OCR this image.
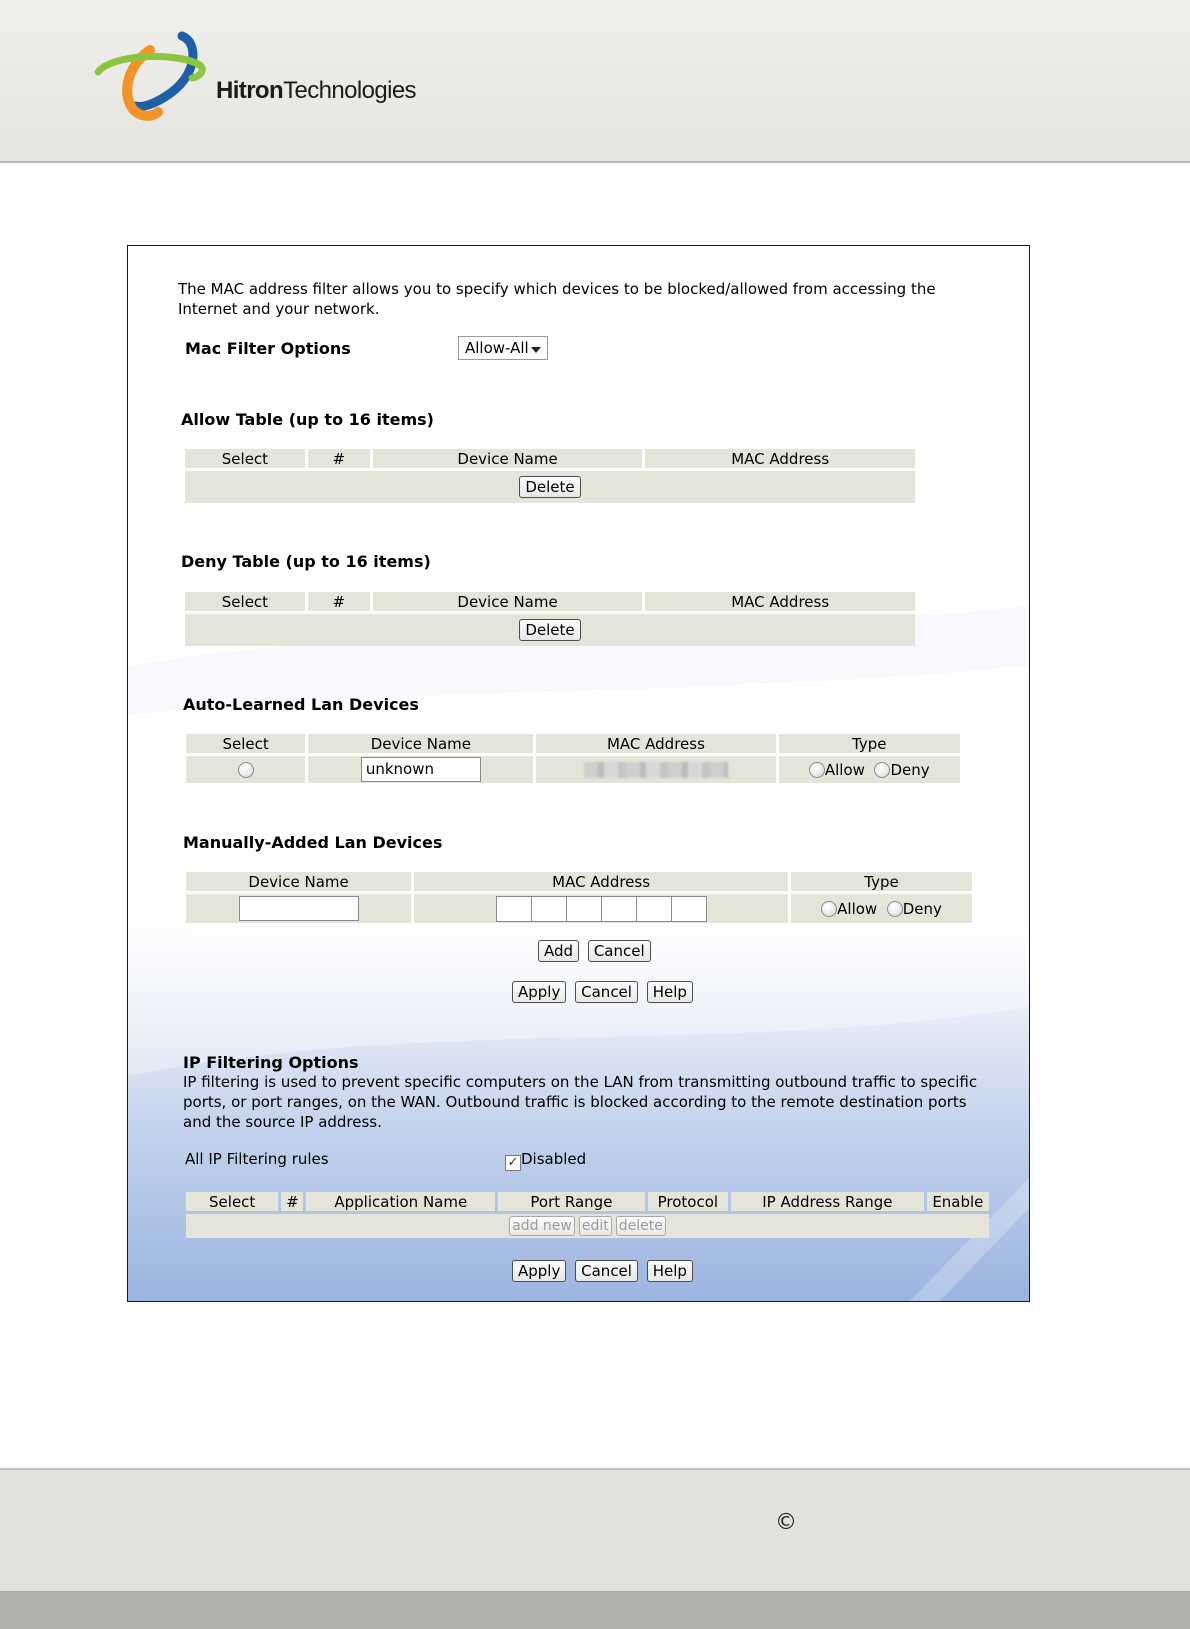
HitronTechnologies
The MAC address filter allows you to specify which devices to be blocked/allowed from accessing the Internet and your network.
Mac Filter Options	Allow-All
Allow Table (up to 16 items)
Select	#	Device Name	MAC Address
Delete
Deny Table (up to 16 items)
Select	#	Device Name	MAC Address
Delete
Auto-Learned Lan Devices
Select	Device Name	MAC Address	Type
	unknown		Allow Deny
Manually-Added Lan Devices
Device Name	MAC Address	Type
		Allow Deny
Add Cancel
Apply Cancel Help
IP Filtering Options
IP filtering is used to prevent specific computers on the LAN from transmitting outbound traffic to specific ports, or port ranges, on the WAN. Outbound traffic is blocked according to the remote destination ports and the source IP address.
All IP Filtering rules	✓ Disabled
Select	#	Application Name	Port Range	Protocol	IP Address Range	Enable
add new edit delete
Apply Cancel Help
©
